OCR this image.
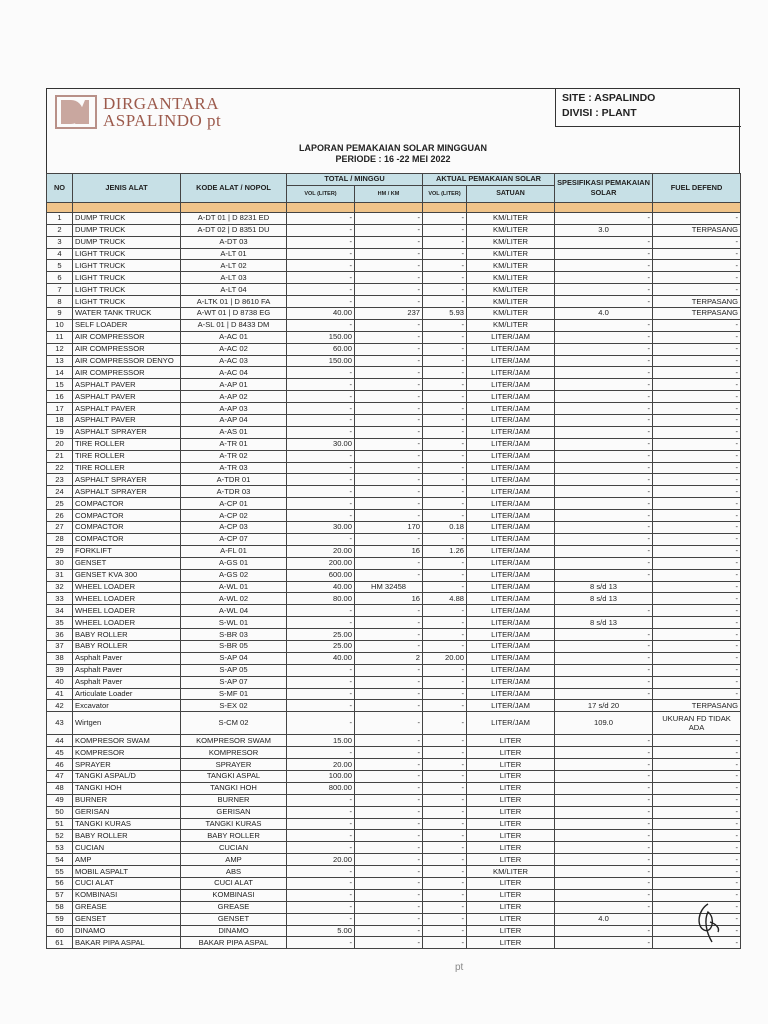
DIRGANTARA
ASPALINDO pt
SITE : ASPALINDO
DIVISI : PLANT
LAPORAN PEMAKAIAN SOLAR MINGGUAN
PERIODE : 16 -22 MEI 2022
NO	JENIS ALAT	KODE ALAT / NOPOL	TOTAL / MINGGU		AKTUAL PEMAKAIAN SOLAR		SPESIFIKASI PEMAKAIAN SOLAR	FUEL DEFEND
			VOL (LITER)	HM / KM	VOL (LITER)	SATUAN		

1	DUMP TRUCK	A-DT 01 | D 8231 ED	-	-	-	KM/LITER	-	-
2	DUMP TRUCK	A-DT 02 | D 8351 DU	-	-	-	KM/LITER	3.0	TERPASANG
3	DUMP TRUCK	A-DT 03	-	-	-	KM/LITER	-	-
4	LIGHT TRUCK	A-LT 01	-	-	-	KM/LITER	-	-
5	LIGHT TRUCK	A-LT 02	-	-	-	KM/LITER	-	-
6	LIGHT TRUCK	A-LT 03	-	-	-	KM/LITER	-	-
7	LIGHT TRUCK	A-LT 04	-	-	-	KM/LITER	-	-
8	LIGHT TRUCK	A-LTK 01 | D 8610 FA	-	-	-	KM/LITER	-	TERPASANG
9	WATER TANK TRUCK	A-WT 01 | D 8738 EG	40.00	237	5.93	KM/LITER	4.0	TERPASANG
10	SELF LOADER	A-SL 01 | D 8433 DM	-	-	-	KM/LITER	-	-
11	AIR COMPRESSOR	A-AC 01	150.00	-	-	LITER/JAM	-	-
12	AIR COMPRESSOR	A-AC 02	60.00	-	-	LITER/JAM	-	-
13	AIR COMPRESSOR DENYO	A-AC 03	150.00	-	-	LITER/JAM	-	-
14	AIR COMPRESSOR	A-AC 04	-	-	-	LITER/JAM	-	-
15	ASPHALT PAVER	A-AP 01	-	-	-	LITER/JAM	-	-
16	ASPHALT PAVER	A-AP 02	-	-	-	LITER/JAM	-	-
17	ASPHALT PAVER	A-AP 03	-	-	-	LITER/JAM	-	-
18	ASPHALT PAVER	A-AP 04	-	-	-	LITER/JAM	-	-
19	ASPHALT SPRAYER	A-AS 01	-	-	-	LITER/JAM	-	-
20	TIRE ROLLER	A-TR 01	30.00	-	-	LITER/JAM	-	-
21	TIRE ROLLER	A-TR 02	-	-	-	LITER/JAM	-	-
22	TIRE ROLLER	A-TR 03	-	-	-	LITER/JAM	-	-
23	ASPHALT SPRAYER	A-TDR 01	-	-	-	LITER/JAM	-	-
24	ASPHALT SPRAYER	A-TDR 03	-	-	-	LITER/JAM	-	-
25	COMPACTOR	A-CP 01	-	-	-	LITER/JAM	-	-
26	COMPACTOR	A-CP 02	-	-	-	LITER/JAM	-	-
27	COMPACTOR	A-CP 03	30.00	170	0.18	LITER/JAM	-	-
28	COMPACTOR	A-CP 07	-	-	-	LITER/JAM	-	-
29	FORKLIFT	A-FL 01	20.00	16	1.26	LITER/JAM	-	-
30	GENSET	A-GS 01	200.00	-	-	LITER/JAM	-	-
31	GENSET KVA 300	A-GS 02	600.00	-	-	LITER/JAM	-	-
32	WHEEL LOADER	A-WL 01	40.00	HM 32458	-	LITER/JAM	8 s/d 13	-
33	WHEEL LOADER	A-WL 02	80.00	16	4.88	LITER/JAM	8 s/d 13	-
34	WHEEL LOADER	A-WL 04	-	-	-	LITER/JAM	-	-
35	WHEEL LOADER	S-WL 01	-	-	-	LITER/JAM	8 s/d 13	-
36	BABY ROLLER	S-BR 03	25.00	-	-	LITER/JAM	-	-
37	BABY ROLLER	S-BR 05	25.00	-	-	LITER/JAM	-	-
38	Asphalt Paver	S-AP 04	40.00	2	20.00	LITER/JAM	-	-
39	Asphalt Paver	S-AP 05	-	-	-	LITER/JAM	-	-
40	Asphalt Paver	S-AP 07	-	-	-	LITER/JAM	-	-
41	Articulate Loader	S-MF 01	-	-	-	LITER/JAM	-	-
42	Excavator	S-EX 02	-	-	-	LITER/JAM	17 s/d 20	TERPASANG
43	Wirtgen	S-CM 02	-	-	-	LITER/JAM	109.0	UKURAN FD TIDAK ADA
44	KOMPRESOR SWAM	KOMPRESOR SWAM	15.00	-	-	LITER	-	-
45	KOMPRESOR	KOMPRESOR	-	-	-	LITER	-	-
46	SPRAYER	SPRAYER	20.00	-	-	LITER	-	-
47	TANGKI ASPAL/D	TANGKI ASPAL	100.00	-	-	LITER	-	-
48	TANGKI HOH	TANGKI HOH	800.00	-	-	LITER	-	-
49	BURNER	BURNER	-	-	-	LITER	-	-
50	GERISAN	GERISAN	-	-	-	LITER	-	-
51	TANGKI KURAS	TANGKI KURAS	-	-	-	LITER	-	-
52	BABY ROLLER	BABY ROLLER	-	-	-	LITER	-	-
53	CUCIAN	CUCIAN	-	-	-	LITER	-	-
54	AMP	AMP	20.00	-	-	LITER	-	-
55	MOBIL ASPALT	ABS	-	-	-	KM/LITER	-	-
56	CUCI ALAT	CUCI ALAT	-	-	-	LITER	-	-
57	KOMBINASI	KOMBINASI	-	-	-	LITER	-	-
58	GREASE	GREASE	-	-	-	LITER	-	-
59	GENSET	GENSET	-	-	-	LITER	4.0	-
60	DINAMO	DINAMO	5.00	-	-	LITER	-	-
61	BAKAR PIPA ASPAL	BAKAR PIPA ASPAL	-	-	-	LITER	-	-
pt
